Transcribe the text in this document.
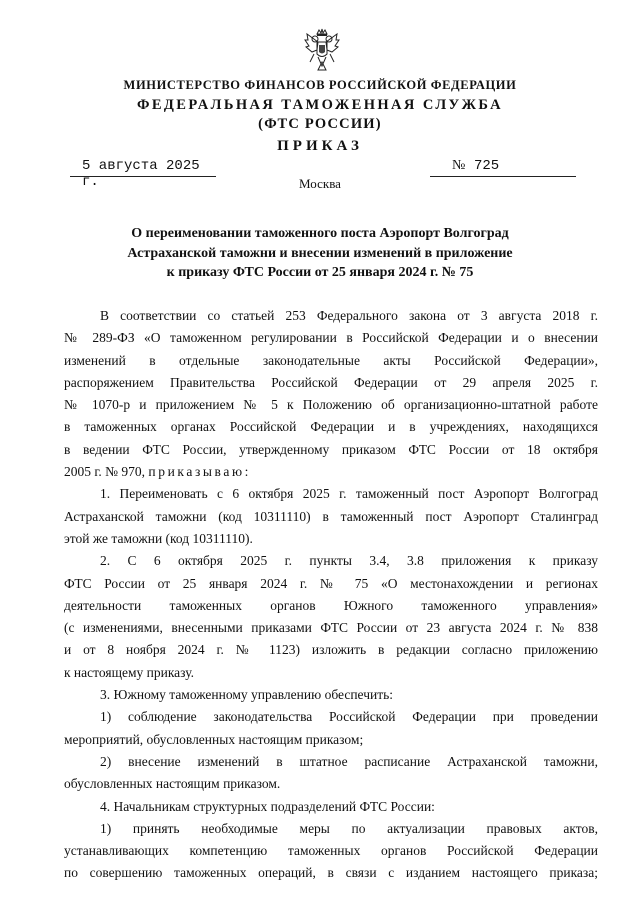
МИНИСТЕРСТВО ФИНАНСОВ РОССИЙСКОЙ ФЕДЕРАЦИИ
ФЕДЕРАЛЬНАЯ ТАМОЖЕННАЯ СЛУЖБА
(ФТС РОССИИ)
ПРИКАЗ
5 августа 2025 г.
№ 725
Москва
О переименовании таможенного поста Аэропорт Волгоград
Астраханской таможни и внесении изменений в приложение
к приказу ФТС России от 25 января 2024 г. № 75
В соответствии со статьей 253 Федерального закона от 3 августа 2018 г.
№ 289-ФЗ «О таможенном регулировании в Российской Федерации и о внесении
изменений в отдельные законодательные акты Российской Федерации»,
распоряжением Правительства Российской Федерации от 29 апреля 2025 г.
№ 1070-р и приложением № 5 к Положению об организационно-штатной работе
в таможенных органах Российской Федерации и в учреждениях, находящихся
в ведении ФТС России, утвержденному приказом ФТС России от 18 октября
2005 г. № 970, приказываю:
1. Переименовать с 6 октября 2025 г. таможенный пост Аэропорт Волгоград
Астраханской таможни (код 10311110) в таможенный пост Аэропорт Сталинград
этой же таможни (код 10311110).
2. С 6 октября 2025 г. пункты 3.4, 3.8 приложения к приказу
ФТС России от 25 января 2024 г. № 75 «О местонахождении и регионах
деятельности таможенных органов Южного таможенного управления»
(с изменениями, внесенными приказами ФТС России от 23 августа 2024 г. № 838
и от 8 ноября 2024 г. № 1123) изложить в редакции согласно приложению
к настоящему приказу.
3. Южному таможенному управлению обеспечить:
1) соблюдение законодательства Российской Федерации при проведении
мероприятий, обусловленных настоящим приказом;
2) внесение изменений в штатное расписание Астраханской таможни,
обусловленных настоящим приказом.
4. Начальникам структурных подразделений ФТС России:
1) принять необходимые меры по актуализации правовых актов,
устанавливающих компетенцию таможенных органов Российской Федерации
по совершению таможенных операций, в связи с изданием настоящего приказа;
